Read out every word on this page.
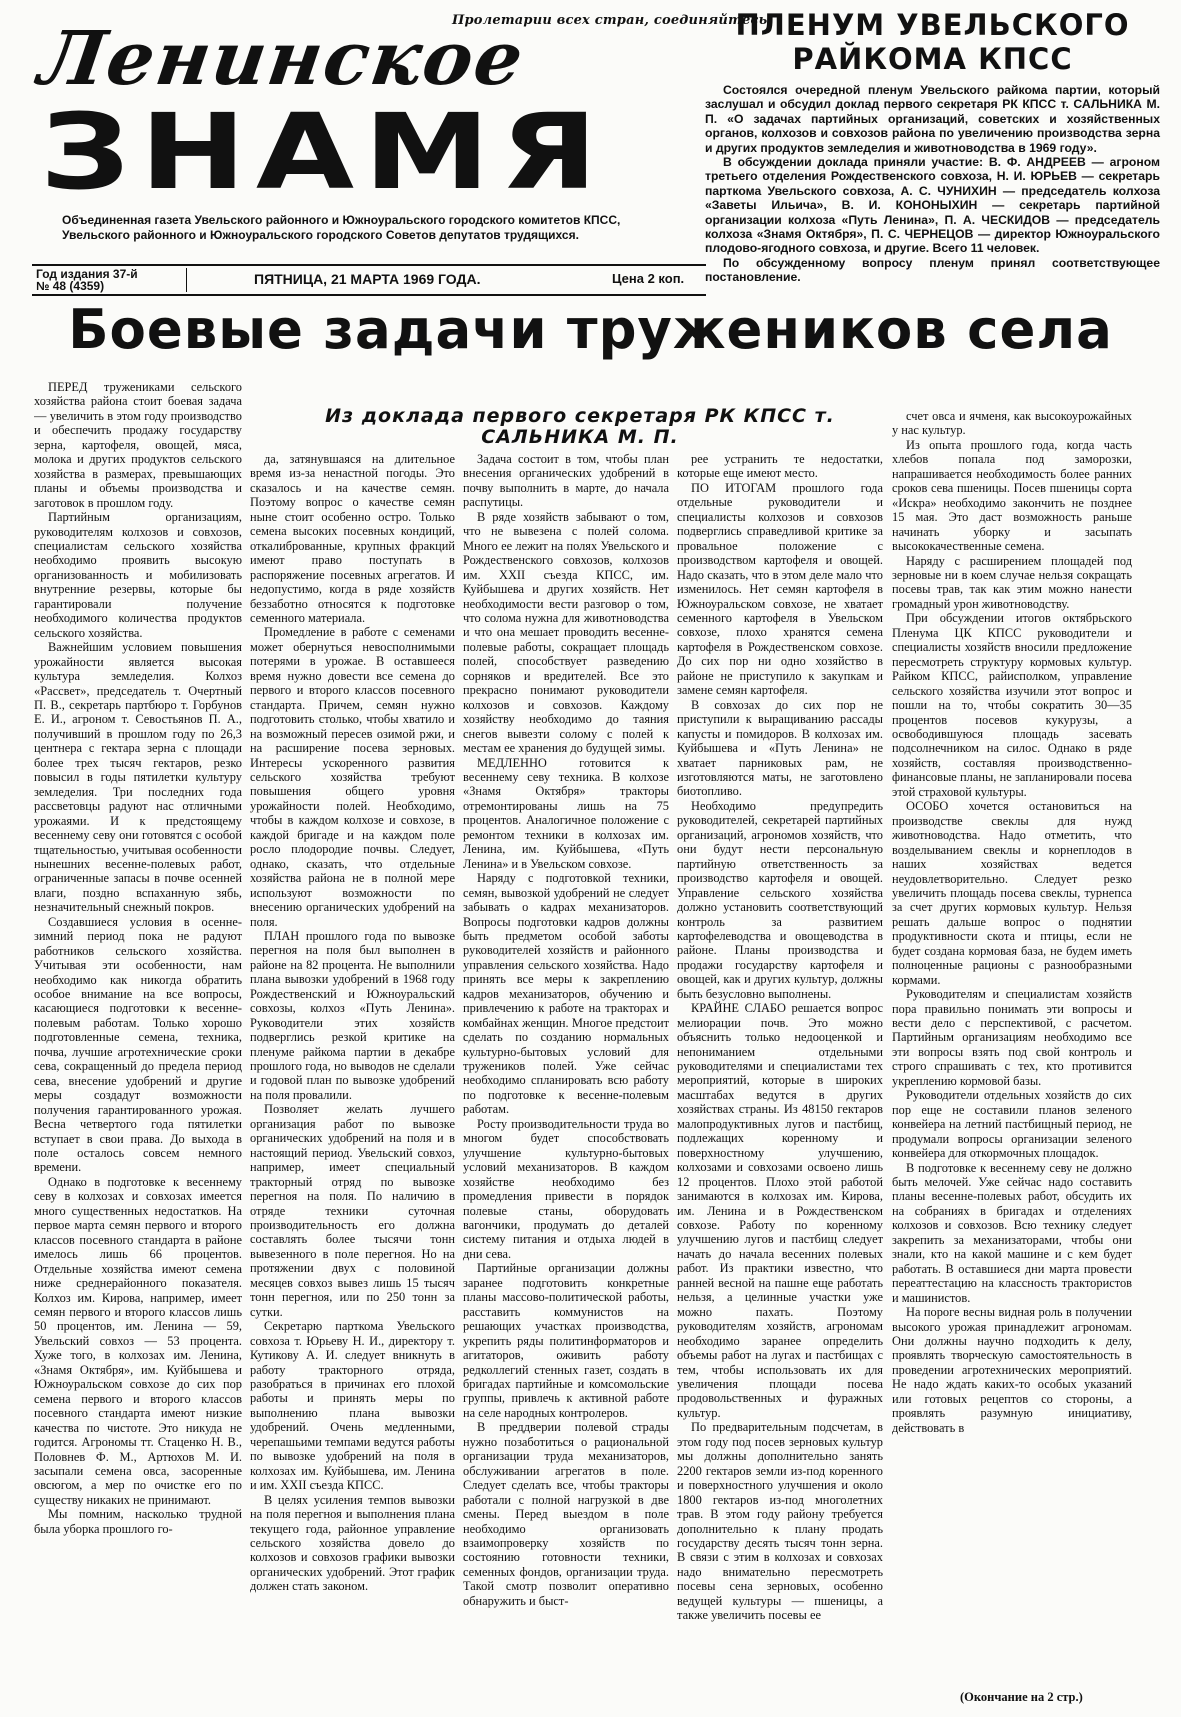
Пролетарии всех стран, соединяйтесь!
Ленинское
ЗНАМЯ
Объединенная газета Увельского районного и Южноуральского городского комитетов КПСС, Увельского районного и Южноуральского городского Советов депутатов трудящихся.
Год издания 37-й
№ 48 (4359)	ПЯТНИЦА, 21 МАРТА 1969 ГОДА.	Цена 2 коп.
ПЛЕНУМ УВЕЛЬСКОГО РАЙКОМА КПСС

Состоялся очередной пленум Увельского райкома партии, который заслушал и обсудил доклад первого секретаря РК КПСС т. САЛЬНИКА М. П. «О задачах партийных организаций, советских и хозяйственных органов, колхозов и совхозов района по увеличению производства зерна и других продуктов земледелия и животноводства в 1969 году».

В обсуждении доклада приняли участие: В. Ф. АНДРЕЕВ — агроном третьего отделения Рождественского совхоза, Н. И. ЮРЬЕВ — секретарь парткома Увельского совхоза, А. С. ЧУНИХИН — председатель колхоза «Заветы Ильича», В. И. КОНОНЫХИН — секретарь партийной организации колхоза «Путь Ленина», П. А. ЧЕСКИДОВ — председатель колхоза «Знамя Октября», П. С. ЧЕРНЕЦОВ — директор Южноуральского плодово-ягодного совхоза, и другие. Всего 11 человек.

По обсужденному вопросу пленум принял соответствующее постановление.

Боевые задачи тружеников села
Из доклада первого секретаря РК КПСС т. САЛЬНИКА М. П.

ПЕРЕД тружениками сельского хозяйства района стоит боевая задача — увеличить в этом году производство и обеспечить продажу государству зерна, картофеля, овощей, мяса, молока и других продуктов сельского хозяйства в размерах, превышающих планы и объемы производства и заготовок в прошлом году.

Партийным организациям, руководителям колхозов и совхозов, специалистам сельского хозяйства необходимо проявить высокую организованность и мобилизовать внутренние резервы, которые бы гарантировали получение необходимого количества продуктов сельского хозяйства.

Важнейшим условием повышения урожайности является высокая культура земледелия. Колхоз «Рассвет», председатель т. Очертный П. В., секретарь партбюро т. Горбунов Е. И., агроном т. Севостьянов П. А., получивший в прошлом году по 26,3 центнера с гектара зерна с площади более трех тысяч гектаров, резко повысил в годы пятилетки культуру земледелия. Три последних года рассветовцы радуют нас отличными урожаями. И к предстоящему весеннему севу они готовятся с особой тщательностью, учитывая особенности нынешних весенне-полевых работ, ограниченные запасы в почве осенней влаги, поздно вспаханную зябь, незначительный снежный покров.

Создавшиеся условия в осенне-зимний период пока не радуют работников сельского хозяйства. Учитывая эти особенности, нам необходимо как никогда обратить особое внимание на все вопросы, касающиеся подготовки к весенне-полевым работам. Только хорошо подготовленные семена, техника, почва, лучшие агротехнические сроки сева, сокращенный до предела период сева, внесение удобрений и другие меры создадут возможности получения гарантированного урожая. Весна четвертого года пятилетки вступает в свои права. До выхода в поле осталось совсем немного времени.

Однако в подготовке к весеннему севу в колхозах и совхозах имеется много существенных недостатков. На первое марта семян первого и второго классов посевного стандарта в районе имелось лишь 66 процентов. Отдельные хозяйства имеют семена ниже среднерайонного показателя. Колхоз им. Кирова, например, имеет семян первого и второго классов лишь 50 процентов, им. Ленина — 59, Увельский совхоз — 53 процента. Хуже того, в колхозах им. Ленина, «Знамя Октября», им. Куйбышева и Южноуральском совхозе до сих пор семена первого и второго классов посевного стандарта имеют низкие качества по чистоте. Это никуда не годится. Агрономы тт. Стаценко Н. В., Половнев Ф. М., Артюхов М. И. засыпали семена овса, засоренные овсюгом, а мер по очистке его по существу никаких не принимают.

Мы помним, насколько трудной была уборка прошлого го-

да, затянувшаяся на длительное время из-за ненастной погоды. Это сказалось и на качестве семян. Поэтому вопрос о качестве семян ныне стоит особенно остро. Только семена высоких посевных кондиций, откалиброванные, крупных фракций имеют право поступать в распоряжение посевных агрегатов. И недопустимо, когда в ряде хозяйств беззаботно относятся к подготовке семенного материала.

Промедление в работе с семенами может обернуться невосполнимыми потерями в урожае. В оставшееся время нужно довести все семена до первого и второго классов посевного стандарта. Причем, семян нужно подготовить столько, чтобы хватило и на возможный пересев озимой ржи, и на расширение посева зерновых. Интересы ускоренного развития сельского хозяйства требуют повышения общего уровня урожайности полей. Необходимо, чтобы в каждом колхозе и совхозе, в каждой бригаде и на каждом поле росло плодородие почвы. Следует, однако, сказать, что отдельные хозяйства района не в полной мере используют возможности по внесению органических удобрений на поля.

ПЛАН прошлого года по вывозке перегноя на поля был выполнен в районе на 82 процента. Не выполнили плана вывозки удобрений в 1968 году Рождественский и Южноуральский совхозы, колхоз «Путь Ленина». Руководители этих хозяйств подверглись резкой критике на пленуме райкома партии в декабре прошлого года, но выводов не сделали и годовой план по вывозке удобрений на поля провалили.

Позволяет желать лучшего организация работ по вывозке органических удобрений на поля и в настоящий период. Увельский совхоз, например, имеет специальный тракторный отряд по вывозке перегноя на поля. По наличию в отряде техники суточная производительность его должна составлять более тысячи тонн вывезенного в поле перегноя. Но на протяжении двух с половиной месяцев совхоз вывез лишь 15 тысяч тонн перегноя, или по 250 тонн за сутки.

Секретарю парткома Увельского совхоза т. Юрьеву Н. И., директору т. Кутикову А. И. следует вникнуть в работу тракторного отряда, разобраться в причинах его плохой работы и принять меры по выполнению плана вывозки удобрений. Очень медленными, черепашьими темпами ведутся работы по вывозке удобрений на поля в колхозах им. Куйбышева, им. Ленина и им. XXII съезда КПСС.

В целях усиления темпов вывозки на поля перегноя и выполнения плана текущего года, районное управление сельского хозяйства довело до колхозов и совхозов графики вывозки органических удобрений. Этот график должен стать законом.

Задача состоит в том, чтобы план внесения органических удобрений в почву выполнить в марте, до начала распутицы.

В ряде хозяйств забывают о том, что не вывезена с полей солома. Много ее лежит на полях Увельского и Рождественского совхозов, колхозов им. XXII съезда КПСС, им. Куйбышева и других хозяйств. Нет необходимости вести разговор о том, что солома нужна для животноводства и что она мешает проводить весенне-полевые работы, сокращает площадь полей, способствует разведению сорняков и вредителей. Все это прекрасно понимают руководители колхозов и совхозов. Каждому хозяйству необходимо до таяния снегов вывезти солому с полей к местам ее хранения до будущей зимы.

МЕДЛЕННО готовится к весеннему севу техника. В колхозе «Знамя Октября» тракторы отремонтированы лишь на 75 процентов. Аналогичное положение с ремонтом техники в колхозах им. Ленина, им. Куйбышева, «Путь Ленина» и в Увельском совхозе.

Наряду с подготовкой техники, семян, вывозкой удобрений не следует забывать о кадрах механизаторов. Вопросы подготовки кадров должны быть предметом особой заботы руководителей хозяйств и районного управления сельского хозяйства. Надо принять все меры к закреплению кадров механизаторов, обучению и привлечению к работе на тракторах и комбайнах женщин. Многое предстоит сделать по созданию нормальных культурно-бытовых условий для тружеников полей. Уже сейчас необходимо спланировать всю работу по подготовке к весенне-полевым работам.

Росту производительности труда во многом будет способствовать улучшение культурно-бытовых условий механизаторов. В каждом хозяйстве необходимо без промедления привести в порядок полевые станы, оборудовать вагончики, продумать до деталей систему питания и отдыха людей в дни сева.

Партийные организации должны заранее подготовить конкретные планы массово-политической работы, расставить коммунистов на решающих участках производства, укрепить ряды политинформаторов и агитаторов, оживить работу редколлегий стенных газет, создать в бригадах партийные и комсомольские группы, привлечь к активной работе на селе народных контролеров.

В преддверии полевой страды нужно позаботиться о рациональной организации труда механизаторов, обслуживании агрегатов в поле. Следует сделать все, чтобы тракторы работали с полной нагрузкой в две смены. Перед выездом в поле необходимо организовать взаимопроверку хозяйств по состоянию готовности техники, семенных фондов, организации труда. Такой смотр позволит оперативно обнаружить и быст-

рее устранить те недостатки, которые еще имеют место.

ПО ИТОГАМ прошлого года отдельные руководители и специалисты колхозов и совхозов подверглись справедливой критике за провальное положение с производством картофеля и овощей. Надо сказать, что в этом деле мало что изменилось. Нет семян картофеля в Южноуральском совхозе, не хватает семенного картофеля в Увельском совхозе, плохо хранятся семена картофеля в Рождественском совхозе. До сих пор ни одно хозяйство в районе не приступило к закупкам и замене семян картофеля.

В совхозах до сих пор не приступили к выращиванию рассады капусты и помидоров. В колхозах им. Куйбышева и «Путь Ленина» не хватает парниковых рам, не изготовляются маты, не заготовлено биотопливо.

Необходимо предупредить руководителей, секретарей партийных организаций, агрономов хозяйств, что они будут нести персональную партийную ответственность за производство картофеля и овощей. Управление сельского хозяйства должно установить соответствующий контроль за развитием картофелеводства и овощеводства в районе. Планы производства и продажи государству картофеля и овощей, как и других культур, должны быть безусловно выполнены.

КРАЙНЕ СЛАБО решается вопрос мелиорации почв. Это можно объяснить только недооценкой и непониманием отдельными руководителями и специалистами тех мероприятий, которые в широких масштабах ведутся в других хозяйствах страны. Из 48150 гектаров малопродуктивных лугов и пастбищ, подлежащих коренному и поверхностному улучшению, колхозами и совхозами освоено лишь 12 процентов. Плохо этой работой занимаются в колхозах им. Кирова, им. Ленина и в Рождественском совхозе. Работу по коренному улучшению лугов и пастбищ следует начать до начала весенних полевых работ. Из практики известно, что ранней весной на пашне еще работать нельзя, а целинные участки уже можно пахать. Поэтому руководителям хозяйств, агрономам необходимо заранее определить объемы работ на лугах и пастбищах с тем, чтобы использовать их для увеличения площади посева продовольственных и фуражных культур.

По предварительным подсчетам, в этом году под посев зерновых культур мы должны дополнительно занять 2200 гектаров земли из-под коренного и поверхностного улучшения и около 1800 гектаров из-под многолетних трав. В этом году району требуется дополнительно к плану продать государству десять тысяч тонн зерна. В связи с этим в колхозах и совхозах надо внимательно пересмотреть посевы сена зерновых, особенно ведущей культуры — пшеницы, а также увеличить посевы ее

счет овса и ячменя, как высокоурожайных у нас культур.

Из опыта прошлого года, когда часть хлебов попала под заморозки, напрашивается необходимость более ранних сроков сева пшеницы. Посев пшеницы сорта «Искра» необходимо закончить не позднее 15 мая. Это даст возможность раньше начинать уборку и засыпать высококачественные семена.

Наряду с расширением площадей под зерновые ни в коем случае нельзя сокращать посевы трав, так как этим можно нанести громадный урон животноводству.

При обсуждении итогов октябрьского Пленума ЦК КПСС руководители и специалисты хозяйств вносили предложение пересмотреть структуру кормовых культур. Райком КПСС, райисполком, управление сельского хозяйства изучили этот вопрос и пошли на то, чтобы сократить 30—35 процентов посевов кукурузы, а освободившуюся площадь засевать подсолнечником на силос. Однако в ряде хозяйств, составляя производственно-финансовые планы, не запланировали посева этой страховой культуры.

ОСОБО хочется остановиться на производстве свеклы для нужд животноводства. Надо отметить, что возделыванием свеклы и корнеплодов в наших хозяйствах ведется неудовлетворительно. Следует резко увеличить площадь посева свеклы, турнепса за счет других кормовых культур. Нельзя решать дальше вопрос о поднятии продуктивности скота и птицы, если не будет создана кормовая база, не будем иметь полноценные рационы с разнообразными кормами.

Руководителям и специалистам хозяйств пора правильно понимать эти вопросы и вести дело с перспективой, с расчетом. Партийным организациям необходимо все эти вопросы взять под свой контроль и строго спрашивать с тех, кто противится укреплению кормовой базы.

Руководители отдельных хозяйств до сих пор еще не составили планов зеленого конвейера на летний пастбищный период, не продумали вопросы организации зеленого конвейера для откормочных площадок.

В подготовке к весеннему севу не должно быть мелочей. Уже сейчас надо составить планы весенне-полевых работ, обсудить их на собраниях в бригадах и отделениях колхозов и совхозов. Всю технику следует закрепить за механизаторами, чтобы они знали, кто на какой машине и с кем будет работать. В оставшиеся дни марта провести переаттестацию на классность трактористов и машинистов.

На пороге весны видная роль в получении высокого урожая принадлежит агрономам. Они должны научно подходить к делу, проявлять творческую самостоятельность в проведении агротехнических мероприятий. Не надо ждать каких-то особых указаний или готовых рецептов со стороны, а проявлять разумную инициативу, действовать в

(Окончание на 2 стр.)
